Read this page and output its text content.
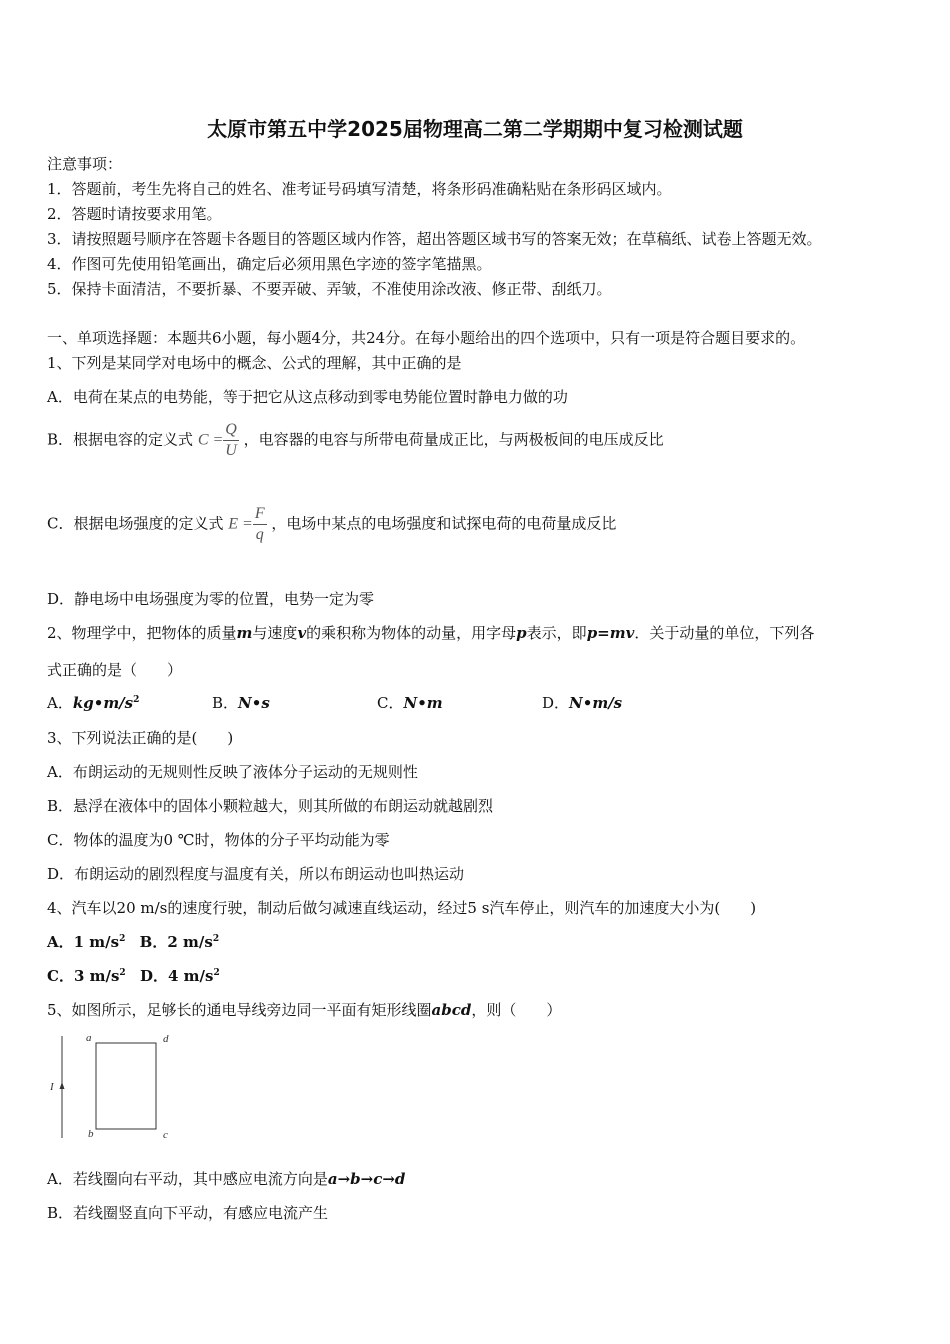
太原市第五中学2025届物理高二第二学期期中复习检测试题
注意事项：
1．答题前，考生先将自己的姓名、准考证号码填写清楚，将条形码准确粘贴在条形码区域内。
2．答题时请按要求用笔。
3．请按照题号顺序在答题卡各题目的答题区域内作答，超出答题区域书写的答案无效；在草稿纸、试卷上答题无效。
4．作图可先使用铅笔画出，确定后必须用黑色字迹的签字笔描黑。
5．保持卡面清洁，不要折暴、不要弄破、弄皱，不准使用涂改液、修正带、刮纸刀。
一、单项选择题：本题共6小题，每小题4分，共24分。在每小题给出的四个选项中，只有一项是符合题目要求的。
1、下列是某同学对电场中的概念、公式的理解，其中正确的是
A．电荷在某点的电势能，等于把它从这点移动到零电势能位置时静电力做的功
B．根据电容的定义式 $C = \frac{Q}{U}$ ，电容器的电容与所带电荷量成正比，与两极板间的电压成反比
C．根据电场强度的定义式 $E = \frac{F}{q}$ ，电场中某点的电场强度和试探电荷的电荷量成反比
D．静电场中电场强度为零的位置，电势一定为零
2、物理学中，把物体的质量m与速度v的乘积称为物体的动量，用字母p表示，即p=mv．关于动量的单位，下列各
式正确的是（　　）
A．$kg•m/s^2$	B．N•s	C．N•m	D．N•m/s
3、下列说法正确的是(　　)
A．布朗运动的无规则性反映了液体分子运动的无规则性
B．悬浮在液体中的固体小颗粒越大，则其所做的布朗运动就越剧烈
C．物体的温度为0 ℃时，物体的分子平均动能为零
D．布朗运动的剧烈程度与温度有关，所以布朗运动也叫热运动
4、汽车以20 m/s的速度行驶，制动后做匀减速直线运动，经过5 s汽车停止，则汽车的加速度大小为(　　)
A．1 $m/s^2$ B．2 $m/s^2$
C．3 $m/s^2$ D．4 $m/s^2$
5、如图所示，足够长的通电导线旁边同一平面有矩形线圈abcd，则（　　）
I
a
b	c
d
A．若线圈向右平动，其中感应电流方向是a→b→c→d
B．若线圈竖直向下平动，有感应电流产生
